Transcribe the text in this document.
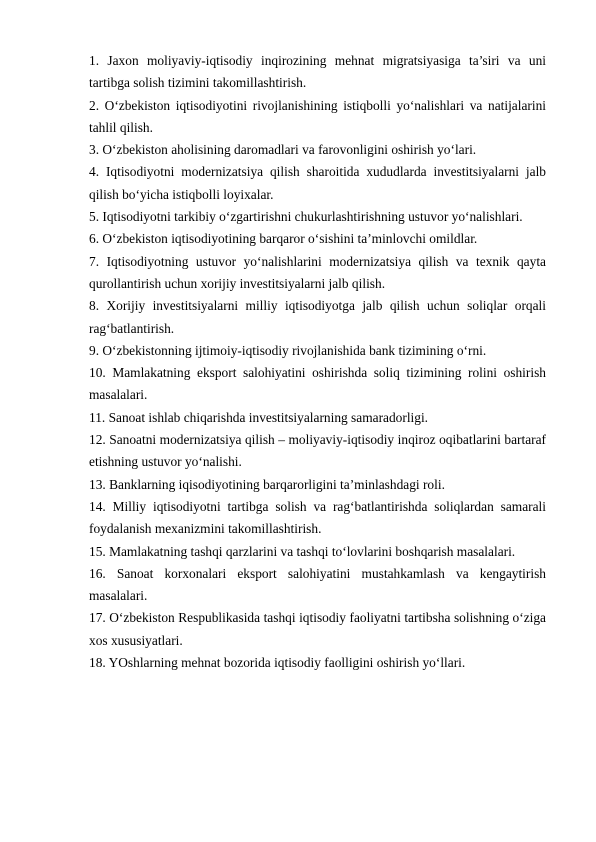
1. Jaxon moliyaviy-iqtisodiy inqirozining mehnat migratsiyasiga ta’siri va uni tartibga solish tizimini takomillashtirish.

2. O‘zbekiston iqtisodiyotini rivojlanishining istiqbolli yo‘nalishlari va natijalarini tahlil qilish.

3. O‘zbekiston aholisining daromadlari va farovonligini oshirish yo‘lari.

4. Iqtisodiyotni modernizatsiya qilish sharoitida xududlarda investitsiyalarni jalb qilish bo‘yicha istiqbolli loyixalar.

5. Iqtisodiyotni tarkibiy o‘zgartirishni chukurlashtirishning ustuvor yo‘nalishlari.

6. O‘zbekiston iqtisodiyotining barqaror o‘sishini ta’minlovchi omildlar.

7. Iqtisodiyotning ustuvor yo‘nalishlarini modernizatsiya qilish va texnik qayta qurollantirish uchun xorijiy investitsiyalarni jalb qilish.

8. Xorijiy investitsiyalarni milliy iqtisodiyotga jalb qilish uchun soliqlar orqali rag‘batlantirish.

9. O‘zbekistonning ijtimoiy-iqtisodiy rivojlanishida bank tizimining o‘rni.

10. Mamlakatning eksport salohiyatini oshirishda soliq tizimining rolini oshirish masalalari.

11. Sanoat ishlab chiqarishda investitsiyalarning samaradorligi.

12. Sanoatni modernizatsiya qilish – moliyaviy-iqtisodiy inqiroz oqibatlarini bartaraf etishning ustuvor yo‘nalishi.

13. Banklarning iqisodiyotining barqarorligini ta’minlashdagi roli.

14. Milliy iqtisodiyotni tartibga solish va rag‘batlantirishda soliqlardan samarali foydalanish mexanizmini takomillashtirish.

15. Mamlakatning tashqi qarzlarini va tashqi to‘lovlarini boshqarish masalalari.

16. Sanoat korxonalari eksport salohiyatini mustahkamlash va kengaytirish masalalari.

17. O‘zbekiston Respublikasida tashqi iqtisodiy faoliyatni tartibsha solishning o‘ziga xos xususiyatlari.

18. YOshlarning mehnat bozorida iqtisodiy faolligini oshirish yo‘llari.
